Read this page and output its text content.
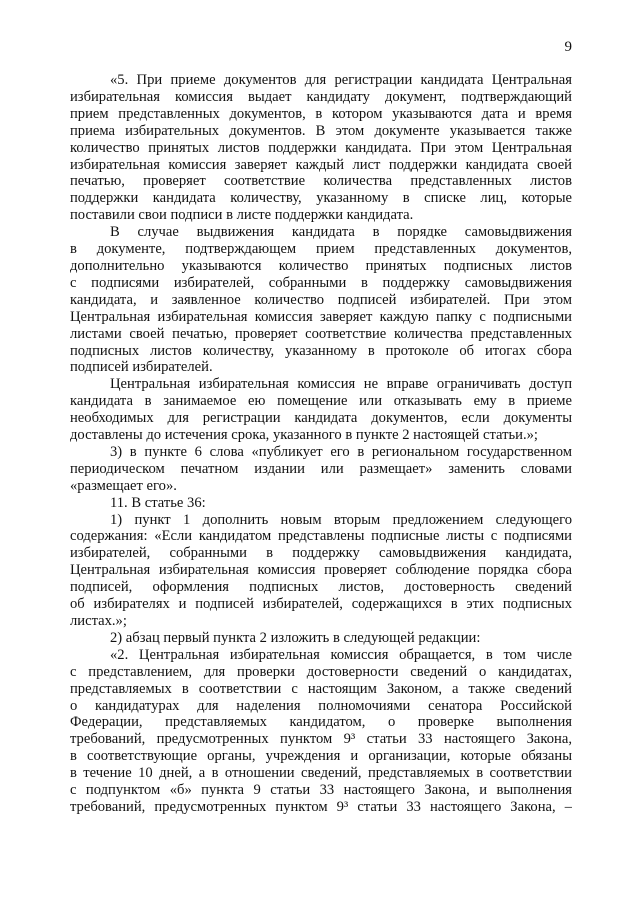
9
«5. При приеме документов для регистрации кандидата Центральная
избирательная комиссия выдает кандидату документ, подтверждающий
прием представленных документов, в котором указываются дата и время
приема избирательных документов. В этом документе указывается также
количество принятых листов поддержки кандидата. При этом Центральная
избирательная комиссия заверяет каждый лист поддержки кандидата своей
печатью, проверяет соответствие количества представленных листов
поддержки кандидата количеству, указанному в списке лиц, которые
поставили свои подписи в листе поддержки кандидата.
В случае выдвижения кандидата в порядке самовыдвижения
в документе, подтверждающем прием представленных документов,
дополнительно указываются количество принятых подписных листов
с подписями избирателей, собранными в поддержку самовыдвижения
кандидата, и заявленное количество подписей избирателей. При этом
Центральная избирательная комиссия заверяет каждую папку с подписными
листами своей печатью, проверяет соответствие количества представленных
подписных листов количеству, указанному в протоколе об итогах сбора
подписей избирателей.
Центральная избирательная комиссия не вправе ограничивать доступ
кандидата в занимаемое ею помещение или отказывать ему в приеме
необходимых для регистрации кандидата документов, если документы
доставлены до истечения срока, указанного в пункте 2 настоящей статьи.»;
3) в пункте 6 слова «публикует его в региональном государственном
периодическом печатном издании или размещает» заменить словами
«размещает его».
11. В статье 36:
1) пункт 1 дополнить новым вторым предложением следующего
содержания: «Если кандидатом представлены подписные листы с подписями
избирателей, собранными в поддержку самовыдвижения кандидата,
Центральная избирательная комиссия проверяет соблюдение порядка сбора
подписей, оформления подписных листов, достоверность сведений
об избирателях и подписей избирателей, содержащихся в этих подписных
листах.»;
2) абзац первый пункта 2 изложить в следующей редакции:
«2. Центральная избирательная комиссия обращается, в том числе
с представлением, для проверки достоверности сведений о кандидатах,
представляемых в соответствии с настоящим Законом, а также сведений
о кандидатурах для наделения полномочиями сенатора Российской
Федерации, представляемых кандидатом, о проверке выполнения
требований, предусмотренных пунктом 9³ статьи 33 настоящего Закона,
в соответствующие органы, учреждения и организации, которые обязаны
в течение 10 дней, а в отношении сведений, представляемых в соответствии
с подпунктом «б» пункта 9 статьи 33 настоящего Закона, и выполнения
требований, предусмотренных пунктом 9³ статьи 33 настоящего Закона, –
